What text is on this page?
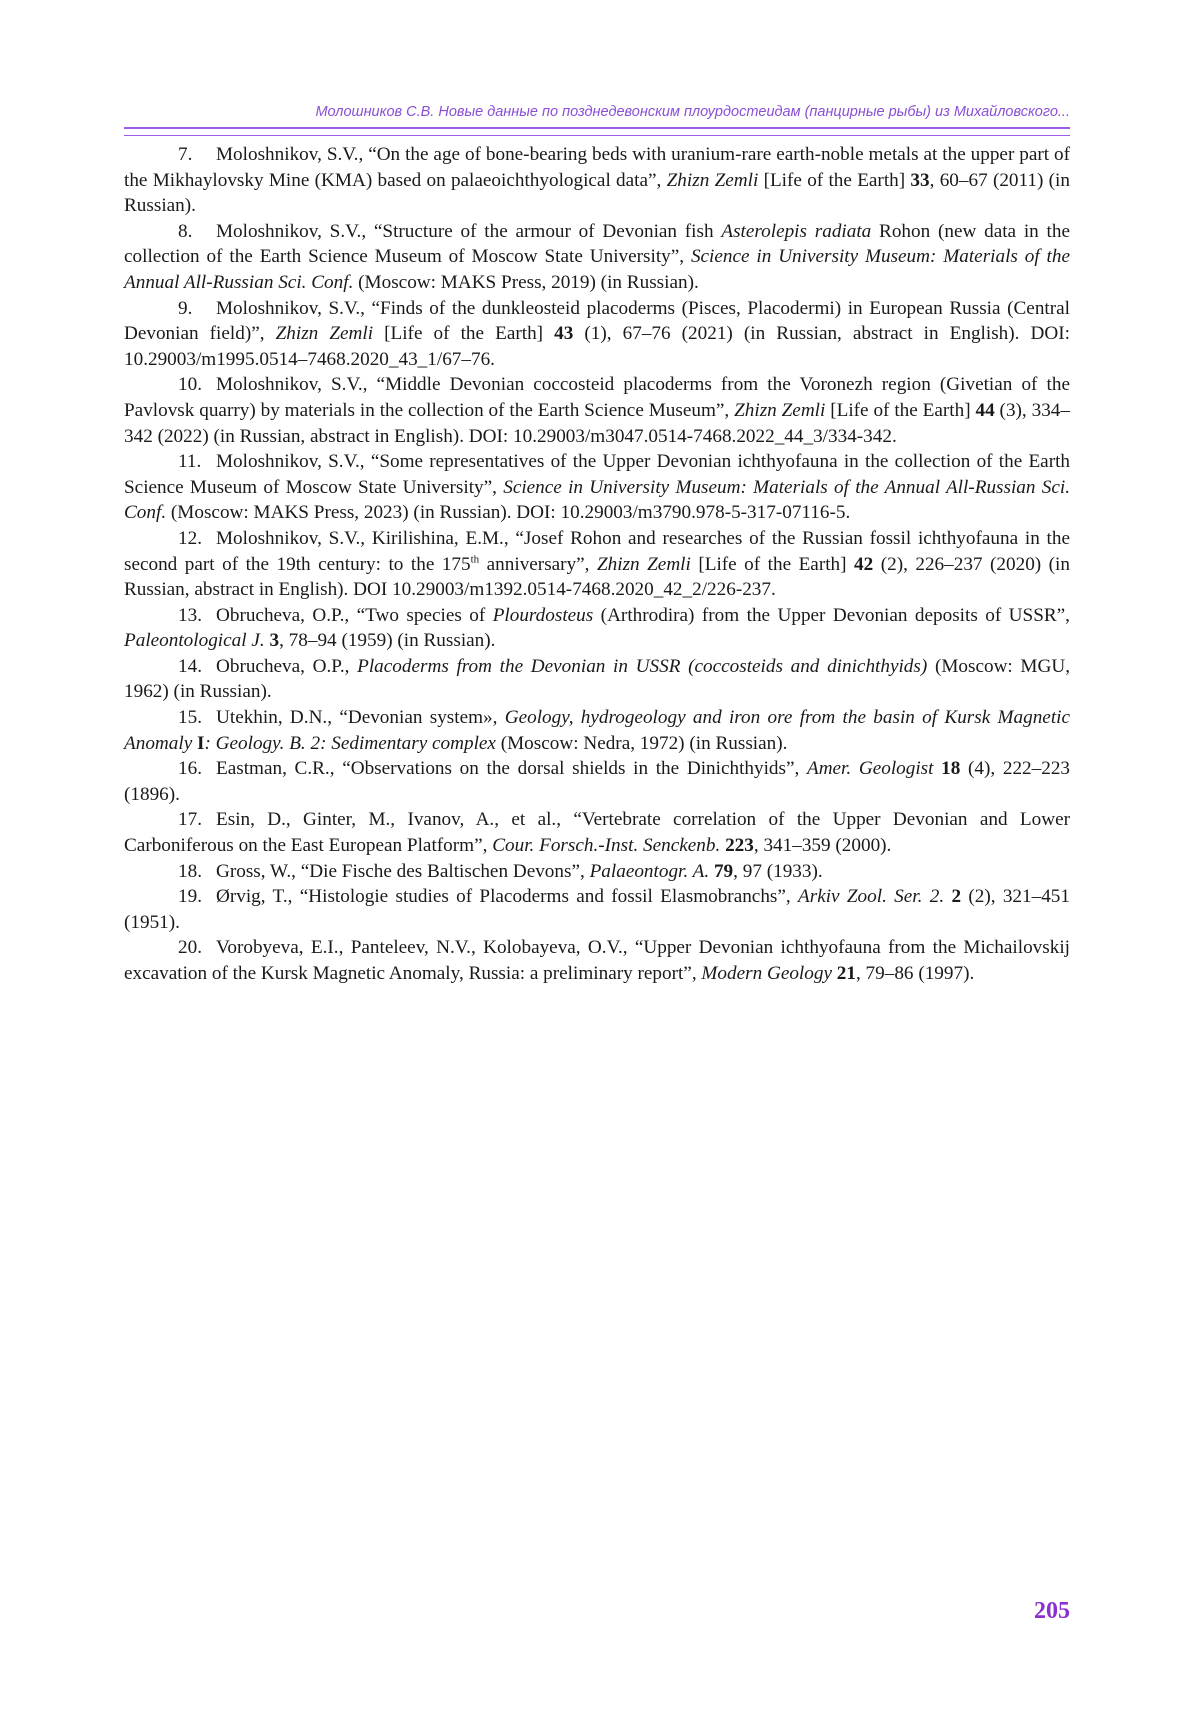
Молошников С.В. Новые данные по позднедевонским плоурдостеидам (панцирные рыбы) из Михайловского...

7. Moloshnikov, S.V., “On the age of bone-bearing beds with uranium-rare earth-noble metals at the upper part of the Mikhaylovsky Mine (KMA) based on palaeoichthyological data”, Zhizn Zemli [Life of the Earth] 33, 60–67 (2011) (in Russian).

8. Moloshnikov, S.V., “Structure of the armour of Devonian fish Asterolepis radiata Rohon (new data in the collection of the Earth Science Museum of Moscow State University”, Science in University Museum: Materials of the Annual All-Russian Sci. Conf. (Moscow: MAKS Press, 2019) (in Russian).

9. Moloshnikov, S.V., “Finds of the dunkleosteid placoderms (Pisces, Placodermi) in European Russia (Central Devonian field)”, Zhizn Zemli [Life of the Earth] 43 (1), 67–76 (2021) (in Russian, abstract in English). DOI: 10.29003/m1995.0514–7468.2020_43_1/67–76.

10. Moloshnikov, S.V., “Middle Devonian coccosteid placoderms from the Voronezh region (Givetian of the Pavlovsk quarry) by materials in the collection of the Earth Science Museum”, Zhizn Zemli [Life of the Earth] 44 (3), 334–342 (2022) (in Russian, abstract in English). DOI: 10.29003/m3047.0514-7468.2022_44_3/334-342.

11. Moloshnikov, S.V., “Some representatives of the Upper Devonian ichthyofauna in the collection of the Earth Science Museum of Moscow State University”, Science in University Museum: Materials of the Annual All-Russian Sci. Conf. (Moscow: MAKS Press, 2023) (in Russian). DOI: 10.29003/m3790.978-5-317-07116-5.

12. Moloshnikov, S.V., Kirilishina, E.M., “Josef Rohon and researches of the Russian fossil ichthyofauna in the second part of the 19th century: to the 175th anniversary”, Zhizn Zemli [Life of the Earth] 42 (2), 226–237 (2020) (in Russian, abstract in English). DOI 10.29003/m1392.0514-7468.2020_42_2/226-237.

13. Obrucheva, O.P., “Two species of Plourdosteus (Arthrodira) from the Upper Devonian deposits of USSR”, Paleontological J. 3, 78–94 (1959) (in Russian).

14. Obrucheva, O.P., Placoderms from the Devonian in USSR (coccosteids and dinichthyids) (Moscow: MGU, 1962) (in Russian).

15. Utekhin, D.N., “Devonian system», Geology, hydrogeology and iron ore from the basin of Kursk Magnetic Anomaly I: Geology. B. 2: Sedimentary complex (Moscow: Nedra, 1972) (in Russian).

16. Eastman, C.R., “Observations on the dorsal shields in the Dinichthyids”, Amer. Geologist 18 (4), 222–223 (1896).

17. Esin, D., Ginter, M., Ivanov, A., et al., “Vertebrate correlation of the Upper Devonian and Lower Carboniferous on the East European Platform”, Cour. Forsch.-Inst. Senckenb. 223, 341–359 (2000).

18. Gross, W., “Die Fische des Baltischen Devons”, Palaeontogr. A. 79, 97 (1933).

19. Ørvig, T., “Histologie studies of Placoderms and fossil Elasmobranchs”, Arkiv Zool. Ser. 2. 2 (2), 321–451 (1951).

20. Vorobyeva, E.I., Panteleev, N.V., Kolobayeva, O.V., “Upper Devonian ichthyofauna from the Michailovskij excavation of the Kursk Magnetic Anomaly, Russia: a preliminary report”, Modern Geology 21, 79–86 (1997).

205
